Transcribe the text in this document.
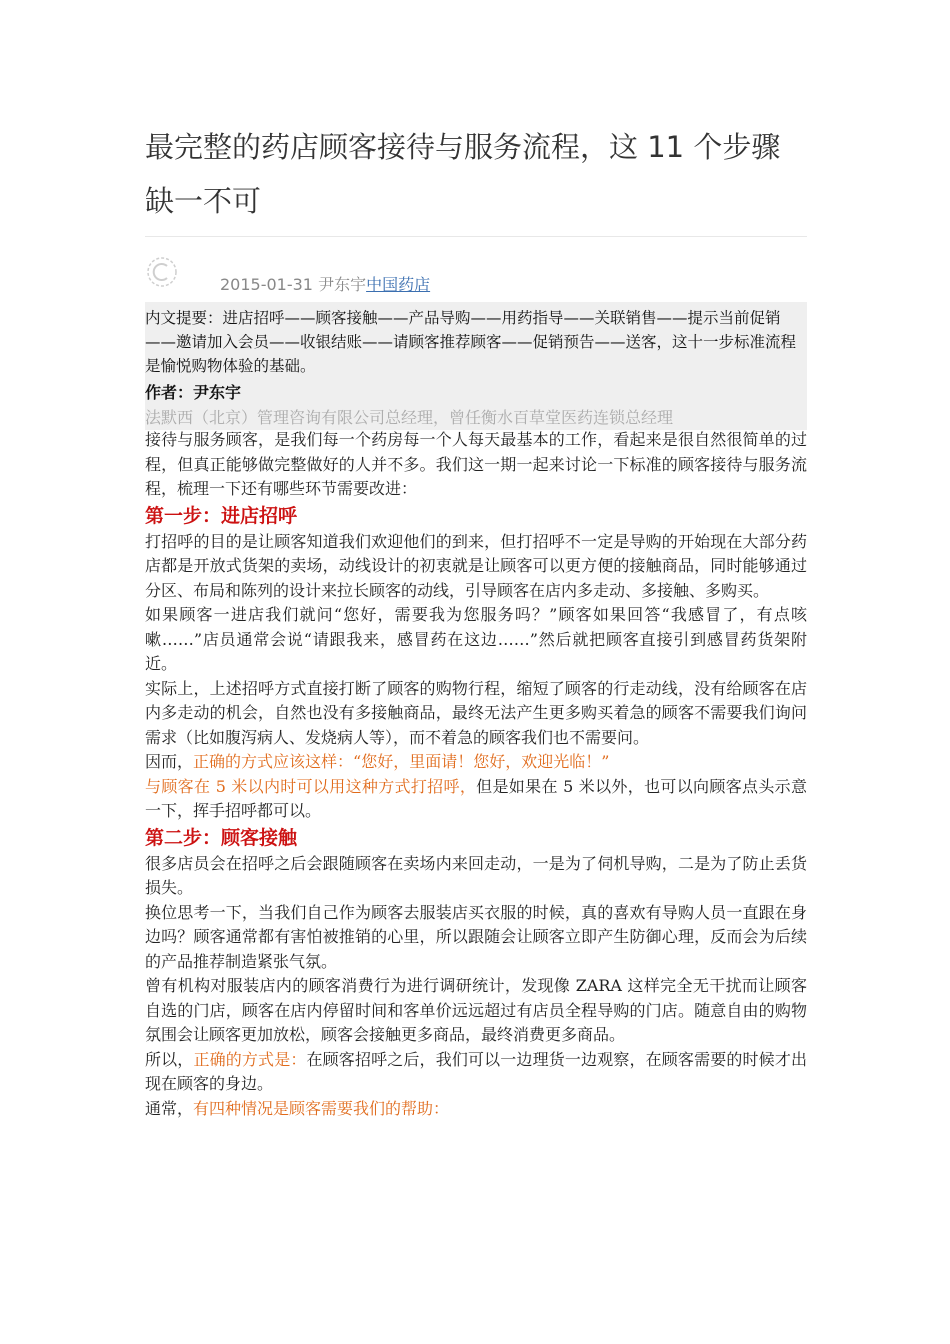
最完整的药店顾客接待与服务流程，这 11 个步骤缺一不可
2015-01-31 尹东宇中国药店

内文提要：进店招呼——顾客接触——产品导购——用药指导——关联销售——提示当前促销——邀请加入会员——收银结账——请顾客推荐顾客——促销预告——送客，这十一步标准流程是愉悦购物体验的基础。

作者：尹东宇
法默西（北京）管理咨询有限公司总经理，曾任衡水百草堂医药连锁总经理

接待与服务顾客，是我们每一个药房每一个人每天最基本的工作，看起来是很自然很简单的过程，但真正能够做完整做好的人并不多。我们这一期一起来讨论一下标准的顾客接待与服务流程，梳理一下还有哪些环节需要改进：

第一步：进店招呼

打招呼的目的是让顾客知道我们欢迎他们的到来，但打招呼不一定是导购的开始现在大部分药店都是开放式货架的卖场，动线设计的初衷就是让顾客可以更方便的接触商品，同时能够通过分区、布局和陈列的设计来拉长顾客的动线，引导顾客在店内多走动、多接触、多购买。

如果顾客一进店我们就问“您好，需要我为您服务吗？”顾客如果回答“我感冒了，有点咳嗽……”店员通常会说“请跟我来，感冒药在这边……”然后就把顾客直接引到感冒药货架附近。

实际上，上述招呼方式直接打断了顾客的购物行程，缩短了顾客的行走动线，没有给顾客在店内多走动的机会，自然也没有多接触商品，最终无法产生更多购买着急的顾客不需要我们询问需求（比如腹泻病人、发烧病人等），而不着急的顾客我们也不需要问。

因而，正确的方式应该这样：“您好，里面请！您好，欢迎光临！”

与顾客在 5 米以内时可以用这种方式打招呼，但是如果在 5 米以外，也可以向顾客点头示意一下，挥手招呼都可以。

第二步：顾客接触

很多店员会在招呼之后会跟随顾客在卖场内来回走动，一是为了伺机导购，二是为了防止丢货损失。

换位思考一下，当我们自己作为顾客去服装店买衣服的时候，真的喜欢有导购人员一直跟在身边吗？顾客通常都有害怕被推销的心里，所以跟随会让顾客立即产生防御心理，反而会为后续的产品推荐制造紧张气氛。

曾有机构对服装店内的顾客消费行为进行调研统计，发现像 ZARA 这样完全无干扰而让顾客自选的门店，顾客在店内停留时间和客单价远远超过有店员全程导购的门店。随意自由的购物氛围会让顾客更加放松，顾客会接触更多商品，最终消费更多商品。

所以，正确的方式是：在顾客招呼之后，我们可以一边理货一边观察，在顾客需要的时候才出现在顾客的身边。

通常，有四种情况是顾客需要我们的帮助：
